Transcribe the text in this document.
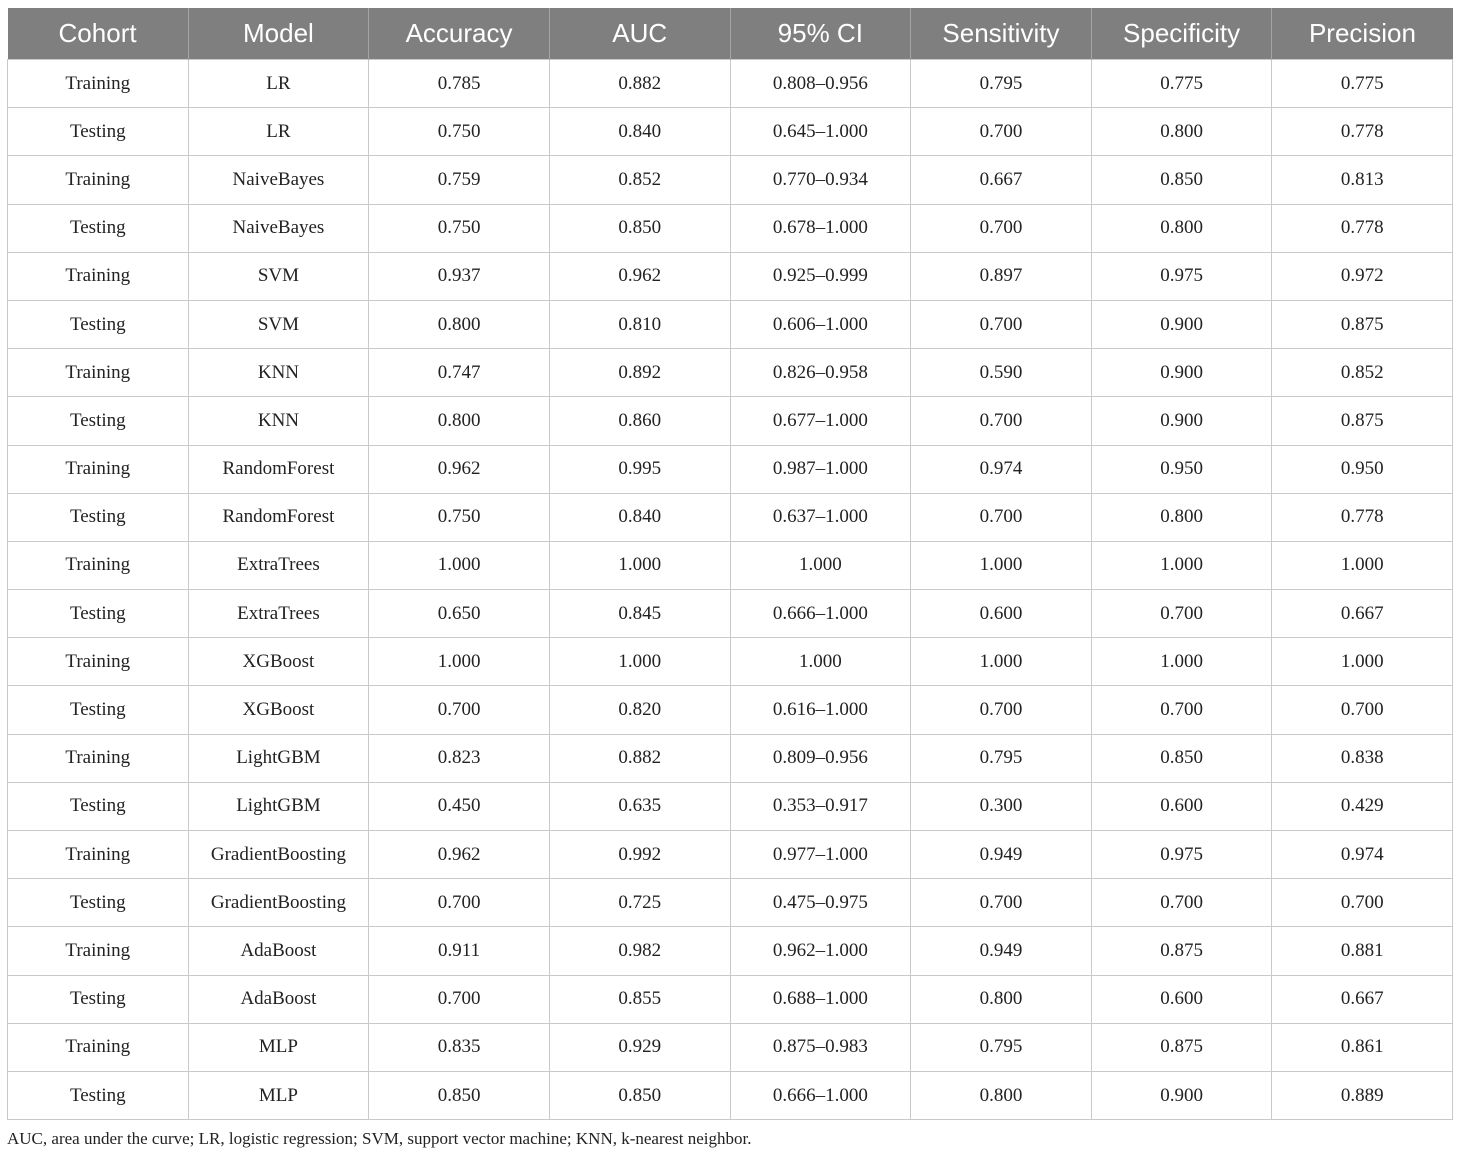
Cohort	Model	Accuracy	AUC	95% CI	Sensitivity	Specificity	Precision
Training	LR	0.785	0.882	0.808–0.956	0.795	0.775	0.775
Testing	LR	0.750	0.840	0.645–1.000	0.700	0.800	0.778
Training	NaiveBayes	0.759	0.852	0.770–0.934	0.667	0.850	0.813
Testing	NaiveBayes	0.750	0.850	0.678–1.000	0.700	0.800	0.778
Training	SVM	0.937	0.962	0.925–0.999	0.897	0.975	0.972
Testing	SVM	0.800	0.810	0.606–1.000	0.700	0.900	0.875
Training	KNN	0.747	0.892	0.826–0.958	0.590	0.900	0.852
Testing	KNN	0.800	0.860	0.677–1.000	0.700	0.900	0.875
Training	RandomForest	0.962	0.995	0.987–1.000	0.974	0.950	0.950
Testing	RandomForest	0.750	0.840	0.637–1.000	0.700	0.800	0.778
Training	ExtraTrees	1.000	1.000	1.000	1.000	1.000	1.000
Testing	ExtraTrees	0.650	0.845	0.666–1.000	0.600	0.700	0.667
Training	XGBoost	1.000	1.000	1.000	1.000	1.000	1.000
Testing	XGBoost	0.700	0.820	0.616–1.000	0.700	0.700	0.700
Training	LightGBM	0.823	0.882	0.809–0.956	0.795	0.850	0.838
Testing	LightGBM	0.450	0.635	0.353–0.917	0.300	0.600	0.429
Training	GradientBoosting	0.962	0.992	0.977–1.000	0.949	0.975	0.974
Testing	GradientBoosting	0.700	0.725	0.475–0.975	0.700	0.700	0.700
Training	AdaBoost	0.911	0.982	0.962–1.000	0.949	0.875	0.881
Testing	AdaBoost	0.700	0.855	0.688–1.000	0.800	0.600	0.667
Training	MLP	0.835	0.929	0.875–0.983	0.795	0.875	0.861
Testing	MLP	0.850	0.850	0.666–1.000	0.800	0.900	0.889
AUC, area under the curve; LR, logistic regression; SVM, support vector machine; KNN, k-nearest neighbor.
